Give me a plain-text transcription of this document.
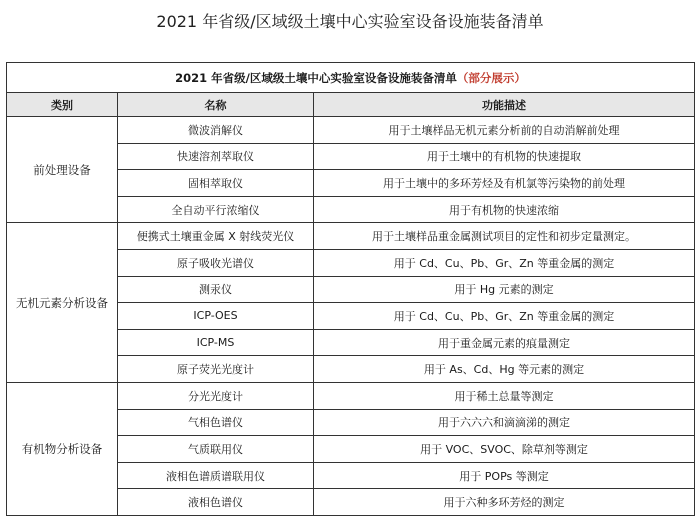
2021 年省级/区域级土壤中心实验室设备设施装备清单
2021 年省级/区域级土壤中心实验室设备设施装备清单（部分展示）		
类别	名称	功能描述
前处理设备	微波消解仪	用于土壤样品无机元素分析前的自动消解前处理
	快速溶剂萃取仪	用于土壤中的有机物的快速提取
	固相萃取仪	用于土壤中的多环芳烃及有机氯等污染物的前处理
	全自动平行浓缩仪	用于有机物的快速浓缩
无机元素分析设备	便携式土壤重金属 X 射线荧光仪	用于土壤样品重金属测试项目的定性和初步定量测定。
	原子吸收光谱仪	用于 Cd、Cu、Pb、Gr、Zn 等重金属的测定
	测汞仪	用于 Hg 元素的测定
	ICP-OES	用于 Cd、Cu、Pb、Gr、Zn 等重金属的测定
	ICP-MS	用于重金属元素的痕量测定
	原子荧光光度计	用于 As、Cd、Hg 等元素的测定
有机物分析设备	分光光度计	用于稀土总量等测定
	气相色谱仪	用于六六六和滴滴涕的测定
	气质联用仪	用于 VOC、SVOC、除草剂等测定
	液相色谱质谱联用仪	用于 POPs 等测定
	液相色谱仪	用于六种多环芳烃的测定
